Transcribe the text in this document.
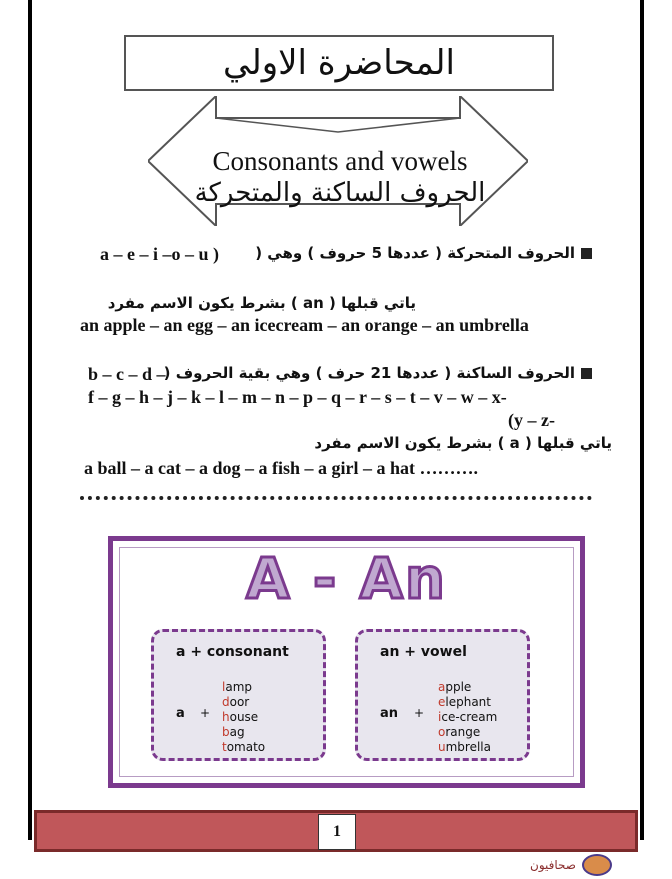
المحاضرة الاولي
Consonants and vowels
الحروف الساكنة والمتحركة
الحروف المتحركة ( عددها 5 حروف ) وهي (
a – e – i –o – u )
ياتي قبلها ( an ) بشرط يكون الاسم مفرد
an apple – an egg – an icecream – an orange – an umbrella
الحروف الساكنة ( عددها 21 حرف ) وهي بقية الحروف (
b – c – d –
f – g – h – j – k – l – m – n – p – q – r – s – t – v – w – x-
(y – z-
ياتي قبلها ( a ) بشرط يكون الاسم مفرد
a ball – a cat – a dog – a fish – a girl – a hat ……….
A - An
a + consonant
a +
lamp
door
house
bag
tomato
an + vowel
an +
apple
elephant
ice-cream
orange
umbrella
1
صحافيون
